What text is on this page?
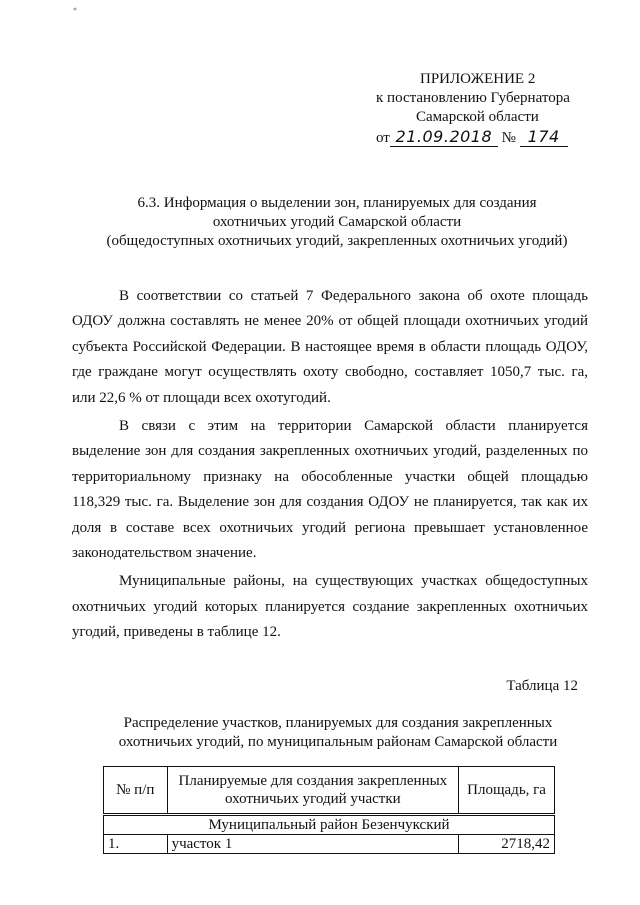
*
ПРИЛОЖЕНИЕ 2
к постановлению Губернатора
Самарской области
от 21.09.2018 № 174
6.3. Информация о выделении зон, планируемых для создания
охотничьих угодий Самарской области
(общедоступных охотничьих угодий, закрепленных охотничьих угодий)

В соответствии со статьей 7 Федерального закона об охоте площадь ОДОУ должна составлять не менее 20% от общей площади охотничьих угодий субъекта Российской Федерации. В настоящее время в области площадь ОДОУ, где граждане могут осуществлять охоту свободно, составляет 1050,7 тыс. га, или 22,6 % от площади всех охотугодий.

В связи с этим на территории Самарской области планируется выделение зон для создания закрепленных охотничьих угодий, разделенных по территориальному признаку на обособленные участки общей площадью 118,329 тыс. га. Выделение зон для создания ОДОУ не планируется, так как их доля в составе всех охотничьих угодий региона превышает установленное законодательством значение.

Муниципальные районы, на существующих участках общедоступных охотничьих угодий которых планируется создание закрепленных охотничьих угодий, приведены в таблице 12.

Таблица 12
Распределение участков, планируемых для создания закрепленных
охотничьих угодий, по муниципальным районам Самарской области
№ п/п	Планируемые для создания закрепленных охотничьих угодий участки	Площадь, га
Муниципальный район Безенчукский		
1.	участок 1	2718,42
